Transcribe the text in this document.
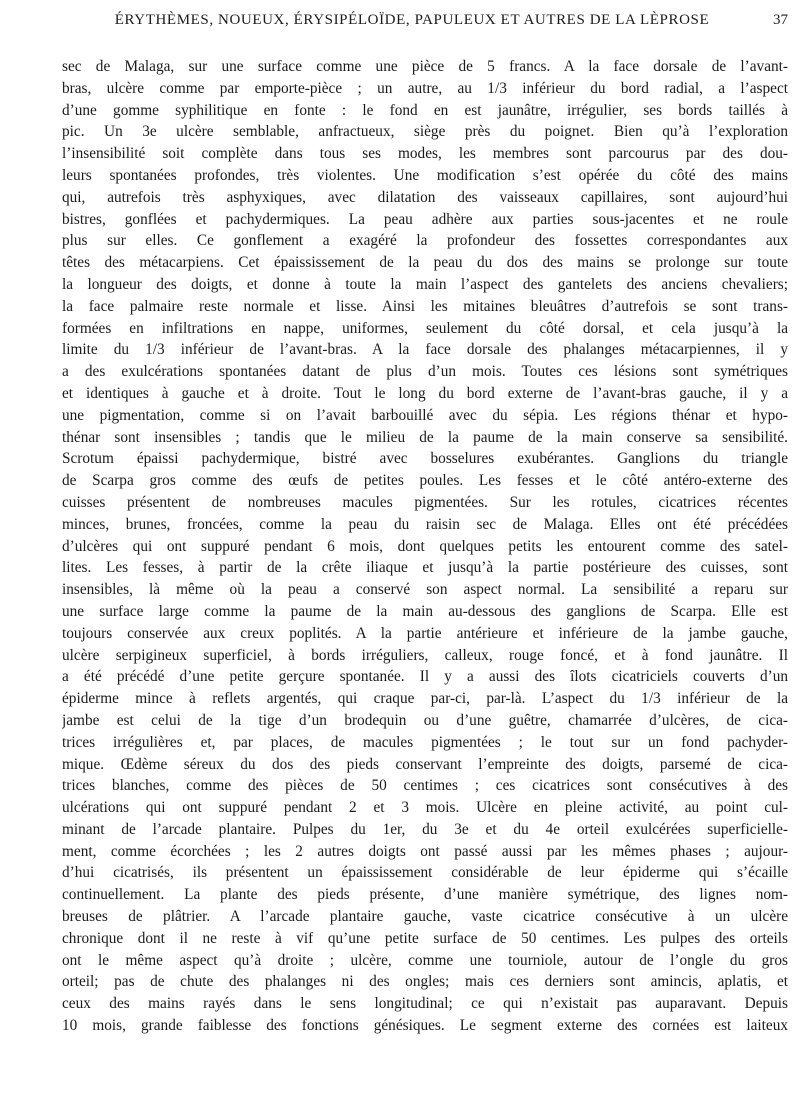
ÉRYTHÈMES, NOUEUX, ÉRYSIPÉLOÏDE, PAPULEUX ET AUTRES DE LA LÈPROSE	37
sec de Malaga, sur une surface comme une pièce de 5 francs. A la face dorsale de l’avant-
bras, ulcère comme par emporte-pièce ; un autre, au 1/3 inférieur du bord radial, a l’aspect
d’une gomme syphilitique en fonte : le fond en est jaunâtre, irrégulier, ses bords taillés à
pic. Un 3e ulcère semblable, anfractueux, siège près du poignet. Bien qu’à l’exploration
l’insensibilité soit complète dans tous ses modes, les membres sont parcourus par des dou-
leurs spontanées profondes, très violentes. Une modification s’est opérée du côté des mains
qui, autrefois très asphyxiques, avec dilatation des vaisseaux capillaires, sont aujourd’hui
bistres, gonflées et pachydermiques. La peau adhère aux parties sous-jacentes et ne roule
plus sur elles. Ce gonflement a exagéré la profondeur des fossettes correspondantes aux
têtes des métacarpiens. Cet épaississement de la peau du dos des mains se prolonge sur toute
la longueur des doigts, et donne à toute la main l’aspect des gantelets des anciens chevaliers;
la face palmaire reste normale et lisse. Ainsi les mitaines bleuâtres d’autrefois se sont trans-
formées en infiltrations en nappe, uniformes, seulement du côté dorsal, et cela jusqu’à la
limite du 1/3 inférieur de l’avant-bras. A la face dorsale des phalanges métacarpiennes, il y
a des exulcérations spontanées datant de plus d’un mois. Toutes ces lésions sont symétriques
et identiques à gauche et à droite. Tout le long du bord externe de l’avant-bras gauche, il y a
une pigmentation, comme si on l’avait barbouillé avec du sépia. Les régions thénar et hypo-
thénar sont insensibles ; tandis que le milieu de la paume de la main conserve sa sensibilité.
Scrotum épaissi pachydermique, bistré avec bosselures exubérantes. Ganglions du triangle
de Scarpa gros comme des œufs de petites poules. Les fesses et le côté antéro-externe des
cuisses présentent de nombreuses macules pigmentées. Sur les rotules, cicatrices récentes
minces, brunes, froncées, comme la peau du raisin sec de Malaga. Elles ont été précédées
d’ulcères qui ont suppuré pendant 6 mois, dont quelques petits les entourent comme des satel-
lites. Les fesses, à partir de la crête iliaque et jusqu’à la partie postérieure des cuisses, sont
insensibles, là même où la peau a conservé son aspect normal. La sensibilité a reparu sur
une surface large comme la paume de la main au-dessous des ganglions de Scarpa. Elle est
toujours conservée aux creux poplités. A la partie antérieure et inférieure de la jambe gauche,
ulcère serpigineux superficiel, à bords irréguliers, calleux, rouge foncé, et à fond jaunâtre. Il
a été précédé d’une petite gerçure spontanée. Il y a aussi des îlots cicatriciels couverts d’un
épiderme mince à reflets argentés, qui craque par-ci, par-là. L’aspect du 1/3 inférieur de la
jambe est celui de la tige d’un brodequin ou d’une guêtre, chamarrée d’ulcères, de cica-
trices irrégulières et, par places, de macules pigmentées ; le tout sur un fond pachyder-
mique. Œdème séreux du dos des pieds conservant l’empreinte des doigts, parsemé de cica-
trices blanches, comme des pièces de 50 centimes ; ces cicatrices sont consécutives à des
ulcérations qui ont suppuré pendant 2 et 3 mois. Ulcère en pleine activité, au point cul-
minant de l’arcade plantaire. Pulpes du 1er, du 3e et du 4e orteil exulcérées superficielle-
ment, comme écorchées ; les 2 autres doigts ont passé aussi par les mêmes phases ; aujour-
d’hui cicatrisés, ils présentent un épaississement considérable de leur épiderme qui s’écaille
continuellement. La plante des pieds présente, d’une manière symétrique, des lignes nom-
breuses de plâtrier. A l’arcade plantaire gauche, vaste cicatrice consécutive à un ulcère
chronique dont il ne reste à vif qu’une petite surface de 50 centimes. Les pulpes des orteils
ont le même aspect qu’à droite ; ulcère, comme une tourniole, autour de l’ongle du gros
orteil; pas de chute des phalanges ni des ongles; mais ces derniers sont amincis, aplatis, et
ceux des mains rayés dans le sens longitudinal; ce qui n’existait pas auparavant. Depuis
10 mois, grande faiblesse des fonctions génésiques. Le segment externe des cornées est laiteux
